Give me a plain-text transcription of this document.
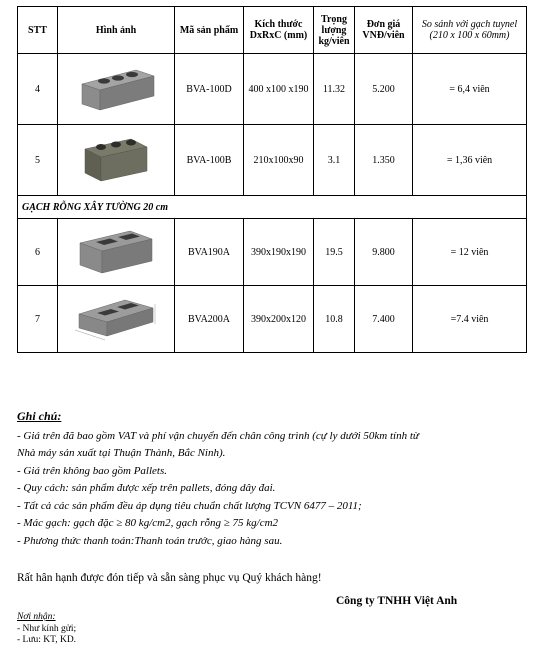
STT	Hình ảnh	Mã sản phẩm	Kích thước DxRxC (mm)	Trọng lượng kg/viên	Đơn giá VNĐ/viên	So sánh với gạch tuynel (210 x 100 x 60mm)
4		BVA-100D	400 x100 x190	11.32	5.200	= 6,4 viên
5		BVA-100B	210x100x90	3.1	1.350	= 1,36 viên
GẠCH RỖNG XÂY TƯỜNG 20 cm						
6		BVA190A	390x190x190	19.5	9.800	= 12 viên
7		BVA200A	390x200x120	10.8	7.400	=7.4 viên
Ghi chú:
- Giá trên đã bao gồm VAT và phí vận chuyển đến chân công trình (cự ly dưới 50km tính từ
Nhà máy sản xuất tại Thuận Thành, Bắc Ninh).
- Giá trên không bao gồm Pallets.
- Quy cách: sản phẩm được xếp trên pallets, đóng dây đai.
- Tất cả các sản phẩm đều áp dụng tiêu chuẩn chất lượng TCVN 6477 – 2011;
- Mác gạch: gạch đặc ≥ 80 kg/cm2, gạch rỗng ≥ 75 kg/cm2
- Phương thức thanh toán:Thanh toán trước, giao hàng sau.
Rất hân hạnh được đón tiếp và sẵn sàng phục vụ Quý khách hàng!
Công ty TNHH Việt Anh
Nơi nhận:
- Như kính gửi;
- Lưu: KT, KD.
